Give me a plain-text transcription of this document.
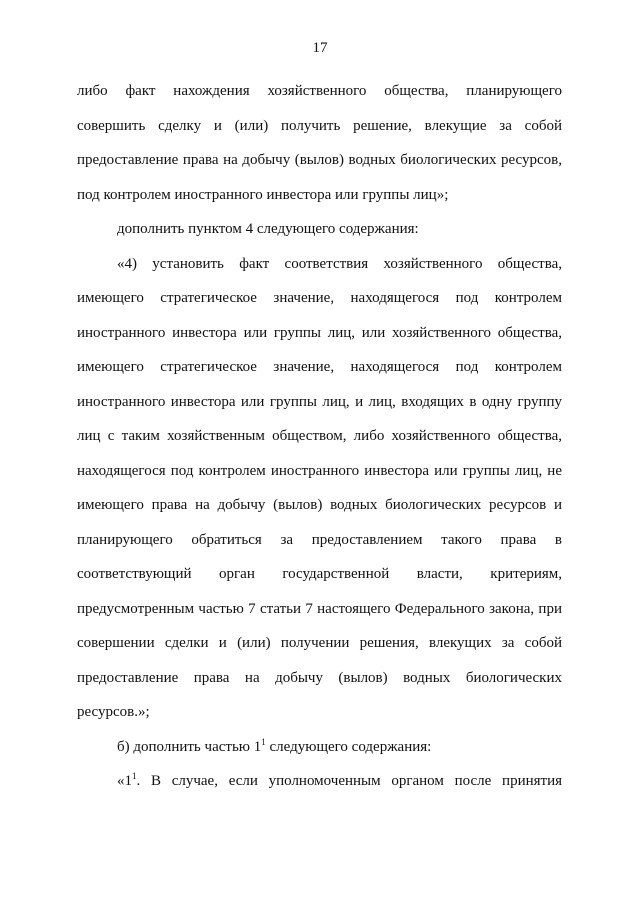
17
либо факт нахождения хозяйственного общества, планирующего
совершить сделку и (или) получить решение, влекущие за собой
предоставление права на добычу (вылов) водных биологических ресурсов,
под контролем иностранного инвестора или группы лиц»;
дополнить пунктом 4 следующего содержания:
«4) установить факт соответствия хозяйственного общества,
имеющего стратегическое значение, находящегося под контролем
иностранного инвестора или группы лиц, или хозяйственного общества,
имеющего стратегическое значение, находящегося под контролем
иностранного инвестора или группы лиц, и лиц, входящих в одну группу
лиц с таким хозяйственным обществом, либо хозяйственного общества,
находящегося под контролем иностранного инвестора или группы лиц, не
имеющего права на добычу (вылов) водных биологических ресурсов и
планирующего обратиться за предоставлением такого права в
соответствующий орган государственной власти, критериям,
предусмотренным частью 7 статьи 7 настоящего Федерального закона, при
совершении сделки и (или) получении решения, влекущих за собой
предоставление права на добычу (вылов) водных биологических
ресурсов.»;
б) дополнить частью $1^1$ следующего содержания:
«$1^1$. В случае, если уполномоченным органом после принятия
